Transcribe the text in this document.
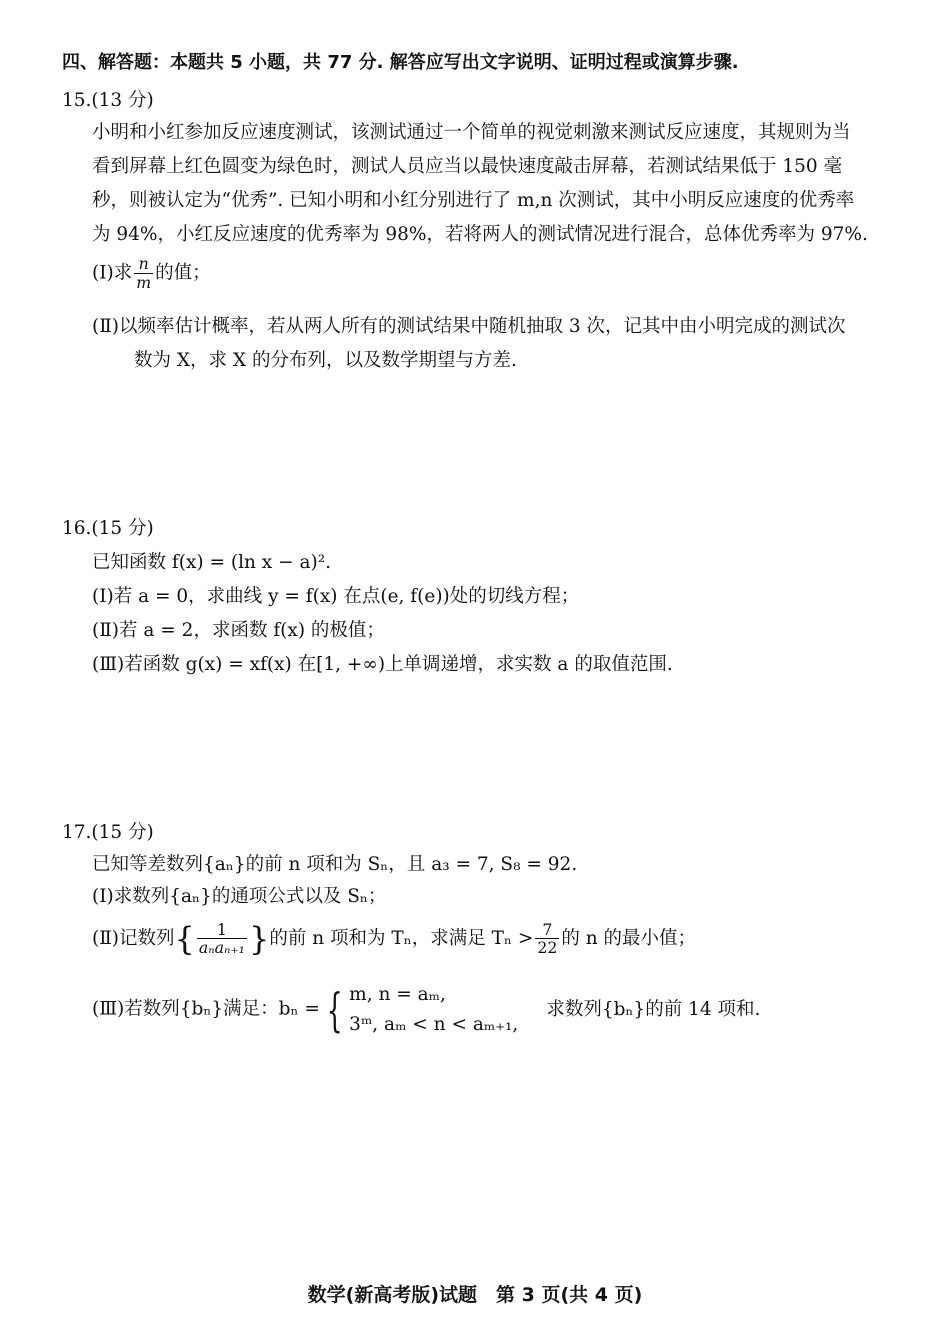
四、解答题：本题共 5 小题，共 77 分. 解答应写出文字说明、证明过程或演算步骤.
15.(13 分)
小明和小红参加反应速度测试，该测试通过一个简单的视觉刺激来测试反应速度，其规则为当
看到屏幕上红色圆变为绿色时，测试人员应当以最快速度敲击屏幕，若测试结果低于 150 毫
秒，则被认定为“优秀”. 已知小明和小红分别进行了 m,n 次测试，其中小明反应速度的优秀率
为 94%，小红反应速度的优秀率为 98%，若将两人的测试情况进行混合，总体优秀率为 97%.
(Ⅰ)求 $\frac{n}{m}$ 的值；
(Ⅱ)以频率估计概率，若从两人所有的测试结果中随机抽取 3 次，记其中由小明完成的测试次
数为 X，求 X 的分布列，以及数学期望与方差.
16.(15 分)
已知函数 f(x) = (ln x − a)².
(Ⅰ)若 a = 0，求曲线 y = f(x) 在点(e, f(e))处的切线方程；
(Ⅱ)若 a = 2，求函数 f(x) 的极值；
(Ⅲ)若函数 g(x) = xf(x) 在[1, +∞)上单调递增，求实数 a 的取值范围.
17.(15 分)
已知等差数列{aₙ}的前 n 项和为 Sₙ，且 a₃ = 7, S₈ = 92.
(Ⅰ)求数列{aₙ}的通项公式以及 Sₙ；
(Ⅱ)记数列{ $\frac{1}{\text{aₙaₙ₊₁}}$ }的前 n 项和为 Tₙ，求满足 $T_n > \frac{7}{22}$ 的 n 的最小值；
(Ⅲ)若数列{bₙ}满足：bₙ = { m, n = aₘ,
3ᵐ, aₘ < n < aₘ₊₁,
求数列{bₙ}的前 14 项和.
数学(新高考版)试题　第 3 页(共 4 页)
